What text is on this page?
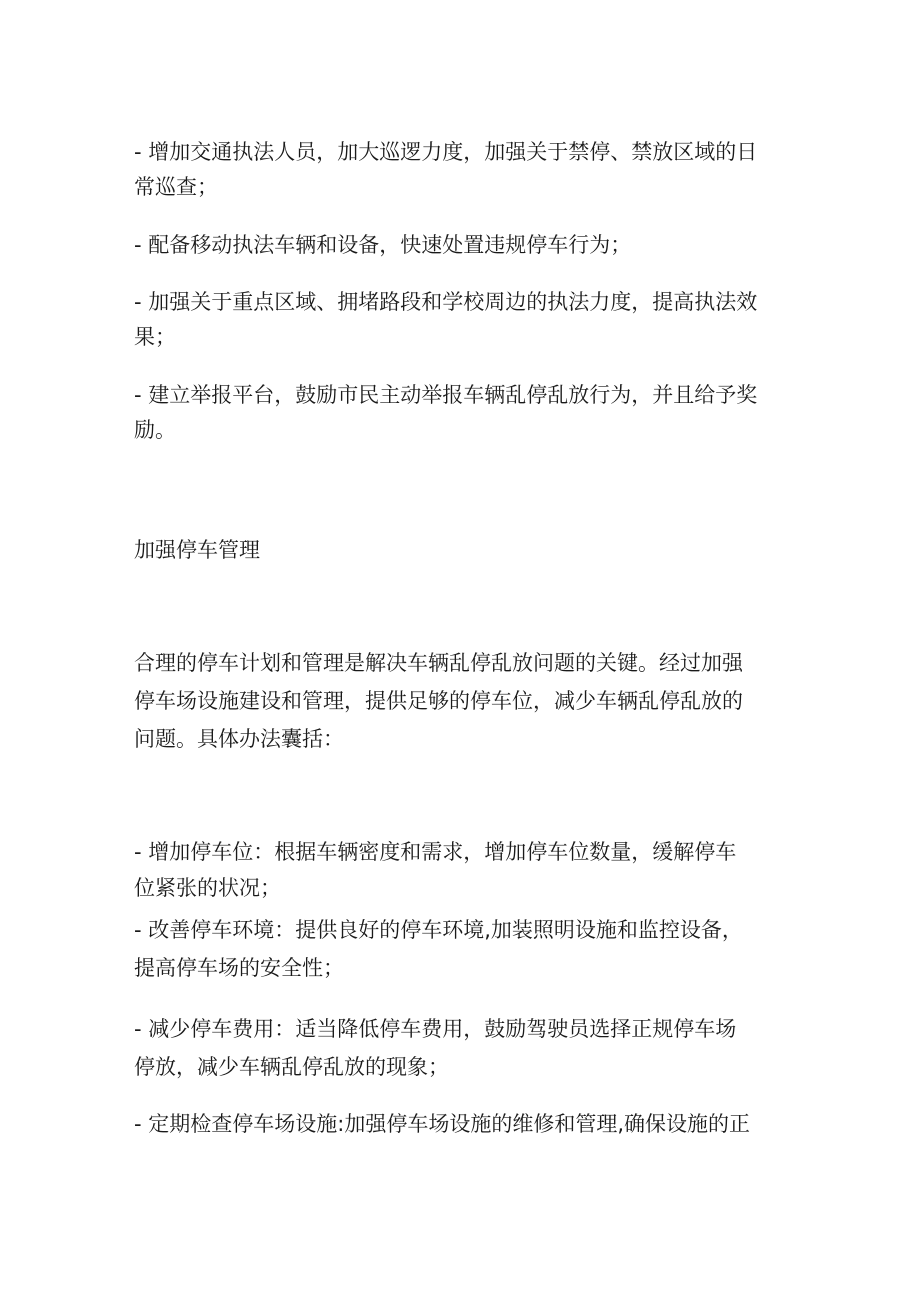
- 增加交通执法人员，加大巡逻力度，加强关于禁停、禁放区域的日
常巡查；
- 配备移动执法车辆和设备，快速处置违规停车行为；
- 加强关于重点区域、拥堵路段和学校周边的执法力度，提高执法效
果；
- 建立举报平台，鼓励市民主动举报车辆乱停乱放行为，并且给予奖
励。
加强停车管理
合理的停车计划和管理是解决车辆乱停乱放问题的关键。经过加强
停车场设施建设和管理，提供足够的停车位，减少车辆乱停乱放的
问题。具体办法囊括：
- 增加停车位：根据车辆密度和需求，增加停车位数量，缓解停车
位紧张的状况；
- 改善停车环境：提供良好的停车环境,加装照明设施和监控设备，
提高停车场的安全性；
- 减少停车费用：适当降低停车费用，鼓励驾驶员选择正规停车场
停放，减少车辆乱停乱放的现象；
- 定期检查停车场设施:加强停车场设施的维修和管理,确保设施的正
